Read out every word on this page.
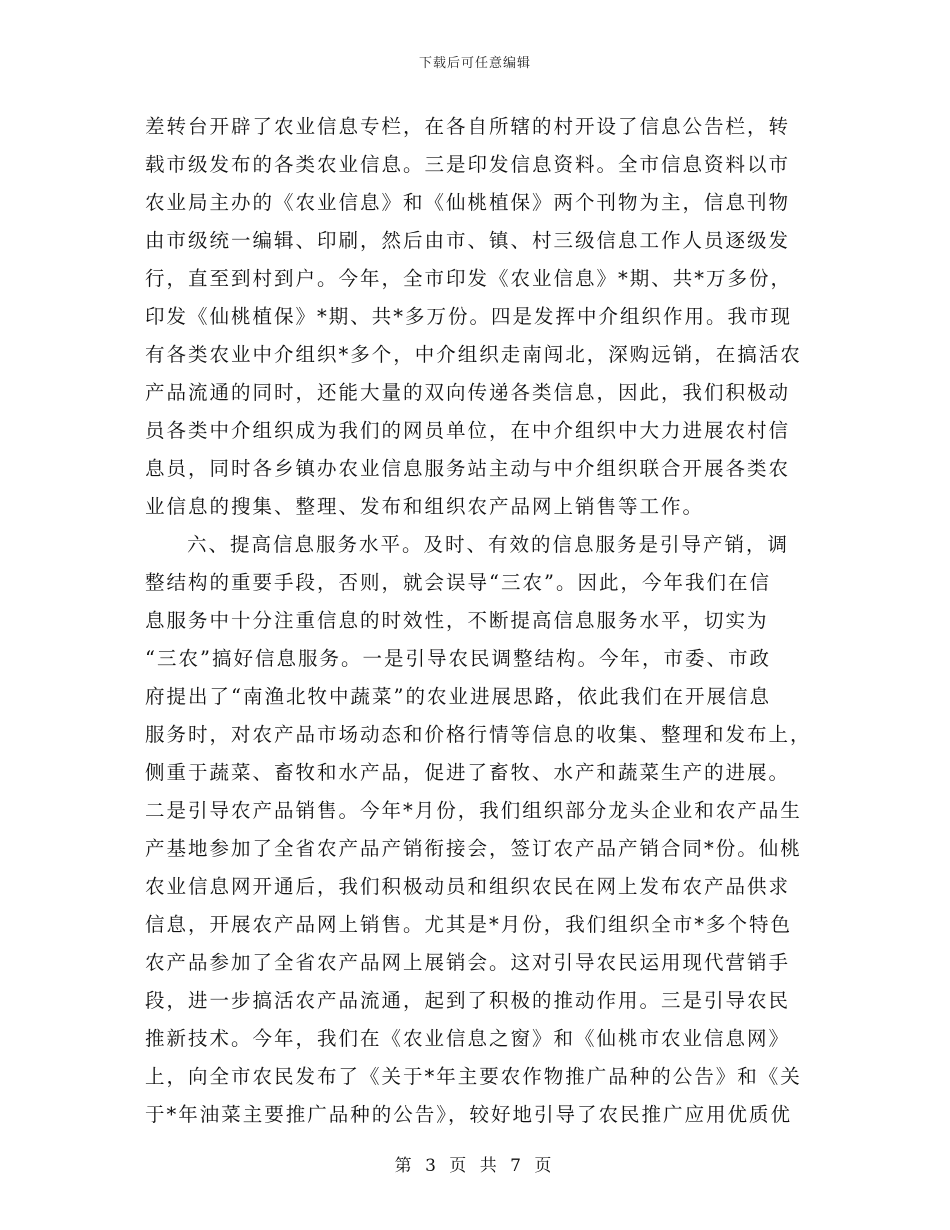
下载后可任意编辑
差转台开辟了农业信息专栏，在各自所辖的村开设了信息公告栏，转
载市级发布的各类农业信息。三是印发信息资料。全市信息资料以市
农业局主办的《农业信息》和《仙桃植保》两个刊物为主，信息刊物
由市级统一编辑、印刷，然后由市、镇、村三级信息工作人员逐级发
行，直至到村到户。今年，全市印发《农业信息》*期、共*万多份，
印发《仙桃植保》*期、共*多万份。四是发挥中介组织作用。我市现
有各类农业中介组织*多个，中介组织走南闯北，深购远销，在搞活农
产品流通的同时，还能大量的双向传递各类信息，因此，我们积极动
员各类中介组织成为我们的网员单位，在中介组织中大力进展农村信
息员，同时各乡镇办农业信息服务站主动与中介组织联合开展各类农
业信息的搜集、整理、发布和组织农产品网上销售等工作。
六、提高信息服务水平。及时、有效的信息服务是引导产销，调
整结构的重要手段，否则，就会误导“三农”。因此，今年我们在信
息服务中十分注重信息的时效性，不断提高信息服务水平，切实为
“三农”搞好信息服务。一是引导农民调整结构。今年，市委、市政
府提出了“南渔北牧中蔬菜”的农业进展思路，依此我们在开展信息
服务时，对农产品市场动态和价格行情等信息的收集、整理和发布上，
侧重于蔬菜、畜牧和水产品，促进了畜牧、水产和蔬菜生产的进展。
二是引导农产品销售。今年*月份，我们组织部分龙头企业和农产品生
产基地参加了全省农产品产销衔接会，签订农产品产销合同*份。仙桃
农业信息网开通后，我们积极动员和组织农民在网上发布农产品供求
信息，开展农产品网上销售。尤其是*月份，我们组织全市*多个特色
农产品参加了全省农产品网上展销会。这对引导农民运用现代营销手
段，进一步搞活农产品流通，起到了积极的推动作用。三是引导农民
推新技术。今年，我们在《农业信息之窗》和《仙桃市农业信息网》
上，向全市农民发布了《关于*年主要农作物推广品种的公告》和《关
于*年油菜主要推广品种的公告》，较好地引导了农民推广应用优质优
第 3 页 共 7 页
